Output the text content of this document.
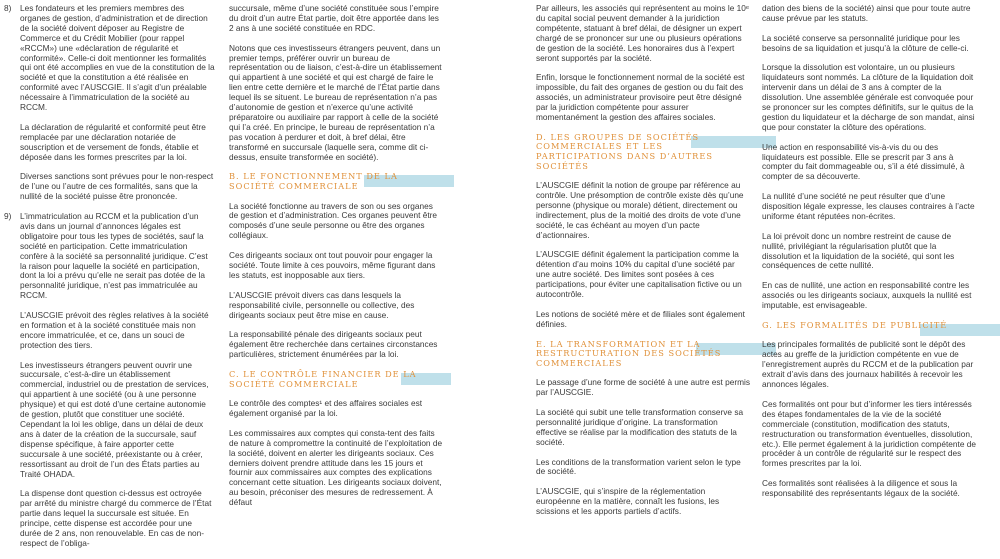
8) Les fondateurs et les premiers membres des organes de gestion, d’administration et de direction de la société doivent déposer au Registre de Commerce et du Crédit Mobilier (pour rappel «RCCM») une «déclaration de régularité et conformité». Celle-ci doit mentionner les formalités qui ont été accomplies en vue de la constitution de la société et que la constitution a été réalisée en conformité avec l’AUSCGIE. Il s’agit d’un préalable nécessaire à l’immatriculation de la société au RCCM.

La déclaration de régularité et conformité peut être remplacée par une déclaration notariée de souscription et de versement de fonds, établie et déposée dans les formes prescrites par la loi.

Diverses sanctions sont prévues pour le non-respect de l’une ou l’autre de ces formalités, sans que la nullité de la société puisse être prononcée.

9) L’immatriculation au RCCM et la publication d’un avis dans un journal d’annonces légales est obligatoire pour tous les types de sociétés, sauf la société en participation. Cette immatriculation confère à la société sa personnalité juridique. C’est la raison pour laquelle la société en participation, dont la loi a prévu qu’elle ne serait pas dotée de la personnalité juridique, n’est pas immatriculée au RCCM.

L’AUSCGIE prévoit des règles relatives à la société en formation et à la société constituée mais non encore immatriculée, et ce, dans un souci de protection des tiers.

Les investisseurs étrangers peuvent ouvrir une succursale, c’est-à-dire un établissement commercial, industriel ou de prestation de services, qui appartient à une société (ou à une personne physique) et qui est doté d’une certaine autonomie de gestion, plutôt que constituer une société. Cependant la loi les oblige, dans un délai de deux ans à dater de la création de la succursale, sauf dispense spécifique, à faire apporter cette succursale à une société, préexistante ou à créer, ressortissant au droit de l’un des États parties au Traité OHADA.

La dispense dont question ci-dessus est octroyée par arrêté du ministre chargé du commerce de l’État partie dans lequel la succursale est située. En principe, cette dispense est accordée pour une durée de 2 ans, non renouvelable. En cas de non-respect de l’obliga-

succursale, même d’une société constituée sous l’empire du droit d’un autre État partie, doit être apportée dans les 2 ans à une société constituée en RDC.

Notons que ces investisseurs étrangers peuvent, dans un premier temps, préférer ouvrir un bureau de représentation ou de liaison, c’est-à-dire un établissement qui appartient à une société et qui est chargé de faire le lien entre cette dernière et le marché de l’État partie dans lequel ils se situent. Le bureau de représentation n’a pas d’autonomie de gestion et n’exerce qu’une activité préparatoire ou auxiliaire par rapport à celle de la société qui l’a créé. En principe, le bureau de représentation n’a pas vocation à perdurer et doit, à bref délai, être transformé en succursale (laquelle sera, comme dit ci-dessus, ensuite transformée en société).

B. LE FONCTIONNEMENT DE LA SOCIÉTÉ COMMERCIALE

La société fonctionne au travers de son ou ses organes de gestion et d’administration. Ces organes peuvent être composés d’une seule personne ou être des organes collégiaux.

Ces dirigeants sociaux ont tout pouvoir pour engager la société. Toute limite à ces pouvoirs, même figurant dans les statuts, est inopposable aux tiers.

L’AUSCGIE prévoit divers cas dans lesquels la responsabilité civile, personnelle ou collective, des dirigeants sociaux peut être mise en cause.

La responsabilité pénale des dirigeants sociaux peut également être recherchée dans certaines circonstances particulières, strictement énumérées par la loi.

C. LE CONTRÔLE FINANCIER DE LA SOCIÉTÉ COMMERCIALE

Le contrôle des comptes¹ et des affaires sociales est également organisé par la loi.

Les commissaires aux comptes qui consta-tent des faits de nature à compromettre la continuité de l’exploitation de la société, doivent en alerter les dirigeants sociaux. Ces derniers doivent prendre attitude dans les 15 jours et fournir aux commissaires aux comptes des explications concernant cette situation. Les dirigeants sociaux doivent, au besoin, préconiser des mesures de redressement. À défaut

Par ailleurs, les associés qui représentent au moins le 10ᵉ du capital social peuvent demander à la juridiction compétente, statuant à bref délai, de désigner un expert chargé de se prononcer sur une ou plusieurs opérations de gestion de la société. Les honoraires dus à l’expert seront supportés par la société.

Enfin, lorsque le fonctionnement normal de la société est impossible, du fait des organes de gestion ou du fait des associés, un administrateur provisoire peut être désigné par la juridiction compétente pour assurer momentanément la gestion des affaires sociales.

D. LES GROUPES DE SOCIÉTÉS COMMERCIALES ET LES PARTICIPATIONS DANS D’AUTRES SOCIÉTÉS

L’AUSCGIE définit la notion de groupe par référence au contrôle. Une présomption de contrôle existe dès qu’une personne (physique ou morale) détient, directement ou indirectement, plus de la moitié des droits de vote d’une société, le cas échéant au moyen d’un pacte d’actionnaires.

L’AUSCGIE définit également la participation comme la détention d’au moins 10% du capital d’une société par une autre société. Des limites sont posées à ces participations, pour éviter une capitalisation fictive ou un autocontrôle.

Les notions de société mère et de filiales sont également définies.

E. LA TRANSFORMATION ET LA RESTRUCTURATION DES SOCIÉTÉS COMMERCIALES

Le passage d’une forme de société à une autre est permis par l’AUSCGIE.

La société qui subit une telle transformation conserve sa personnalité juridique d’origine. La transformation effective se réalise par la modification des statuts de la société.

Les conditions de la transformation varient selon le type de société.

L’AUSCGIE, qui s’inspire de la réglementation européenne en la matière, connaît les fusions, les scissions et les apports partiels d’actifs.

dation des biens de la société) ainsi que pour toute autre cause prévue par les statuts.

La société conserve sa personnalité juridique pour les besoins de sa liquidation et jusqu’à la clôture de celle-ci.

Lorsque la dissolution est volontaire, un ou plusieurs liquidateurs sont nommés. La clôture de la liquidation doit intervenir dans un délai de 3 ans à compter de la dissolution. Une assemblée générale est convoquée pour se prononcer sur les comptes définitifs, sur le quitus de la gestion du liquidateur et la décharge de son mandat, ainsi que pour constater la clôture des opérations.

Une action en responsabilité vis-à-vis du ou des liquidateurs est possible. Elle se prescrit par 3 ans à compter du fait dommageable ou, s’il a été dissimulé, à compter de sa découverte.

La nullité d’une société ne peut résulter que d’une disposition légale expresse, les clauses contraires à l’acte uniforme étant réputées non-écrites.

La loi prévoit donc un nombre restreint de cause de nullité, privilégiant la régularisation plutôt que la dissolution et la liquidation de la société, qui sont les conséquences de cette nullité.

En cas de nullité, une action en responsabilité contre les associés ou les dirigeants sociaux, auxquels la nullité est imputable, est envisageable.

G. LES FORMALITÉS DE PUBLICITÉ

Les principales formalités de publicité sont le dépôt des actes au greffe de la juridiction compétente en vue de l’enregistrement auprès du RCCM et de la publication par extrait d’avis dans des journaux habilités à recevoir les annonces légales.

Ces formalités ont pour but d’informer les tiers intéressés des étapes fondamentales de la vie de la société commerciale (constitution, modification des statuts, restructuration ou transformation éventuelles, dissolution, etc.). Elle permet également à la juridiction compétente de procéder à un contrôle de régularité sur le respect des formes prescrites par la loi.

Ces formalités sont réalisées à la diligence et sous la responsabilité des représentants légaux de la société.
